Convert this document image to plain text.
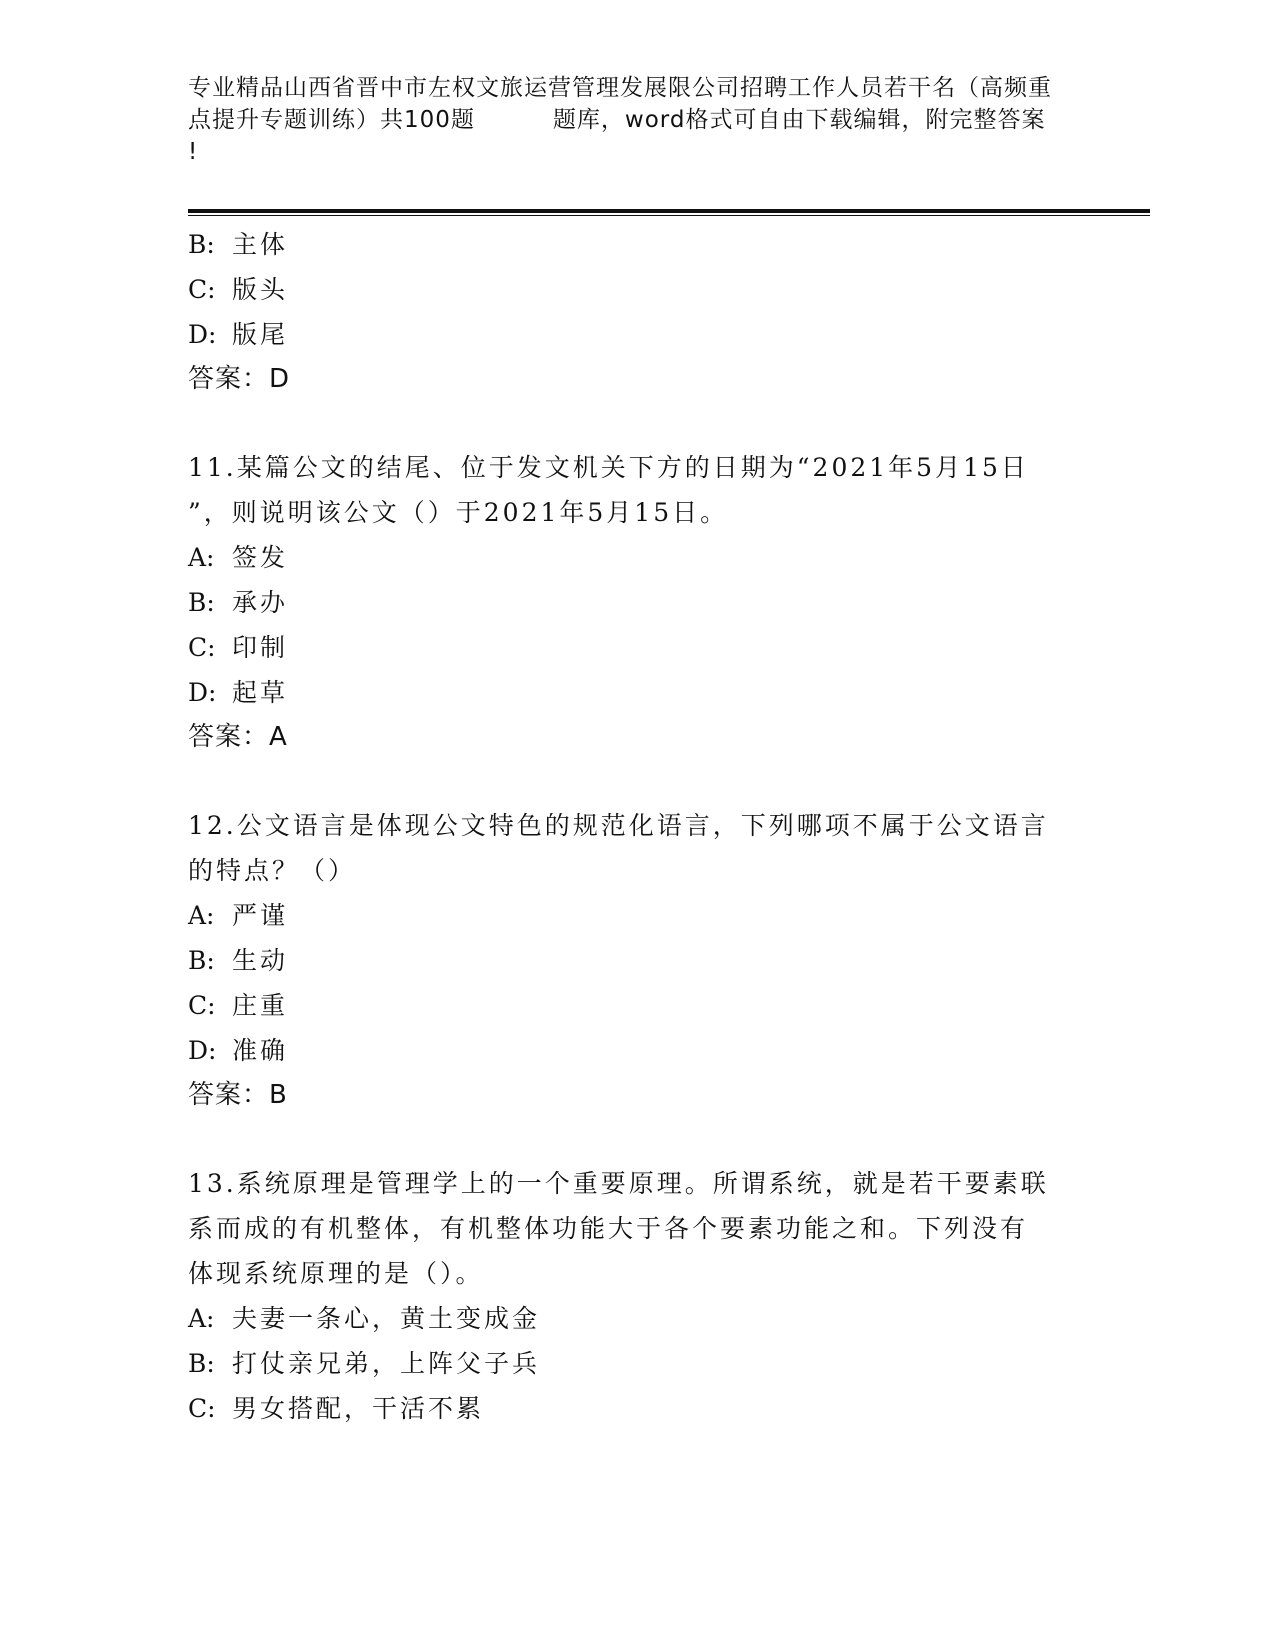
专业精品山西省晋中市左权文旅运营管理发展限公司招聘工作人员若干名（高频重
点提升专题训练）共100题	题库，word格式可自由下载编辑，附完整答案
!
B: 主体
C: 版头
D: 版尾
答案：D
11.某篇公文的结尾、位于发文机关下方的日期为“2021年5月15日
”，则说明该公文（）于2021年5月15日。
A: 签发
B: 承办
C: 印制
D: 起草
答案：A
12.公文语言是体现公文特色的规范化语言，下列哪项不属于公文语言
的特点？（）
A: 严谨
B: 生动
C: 庄重
D: 准确
答案：B
13.系统原理是管理学上的一个重要原理。所谓系统，就是若干要素联
系而成的有机整体，有机整体功能大于各个要素功能之和。下列没有
体现系统原理的是（）。
A: 夫妻一条心，黄土变成金
B: 打仗亲兄弟，上阵父子兵
C: 男女搭配，干活不累
